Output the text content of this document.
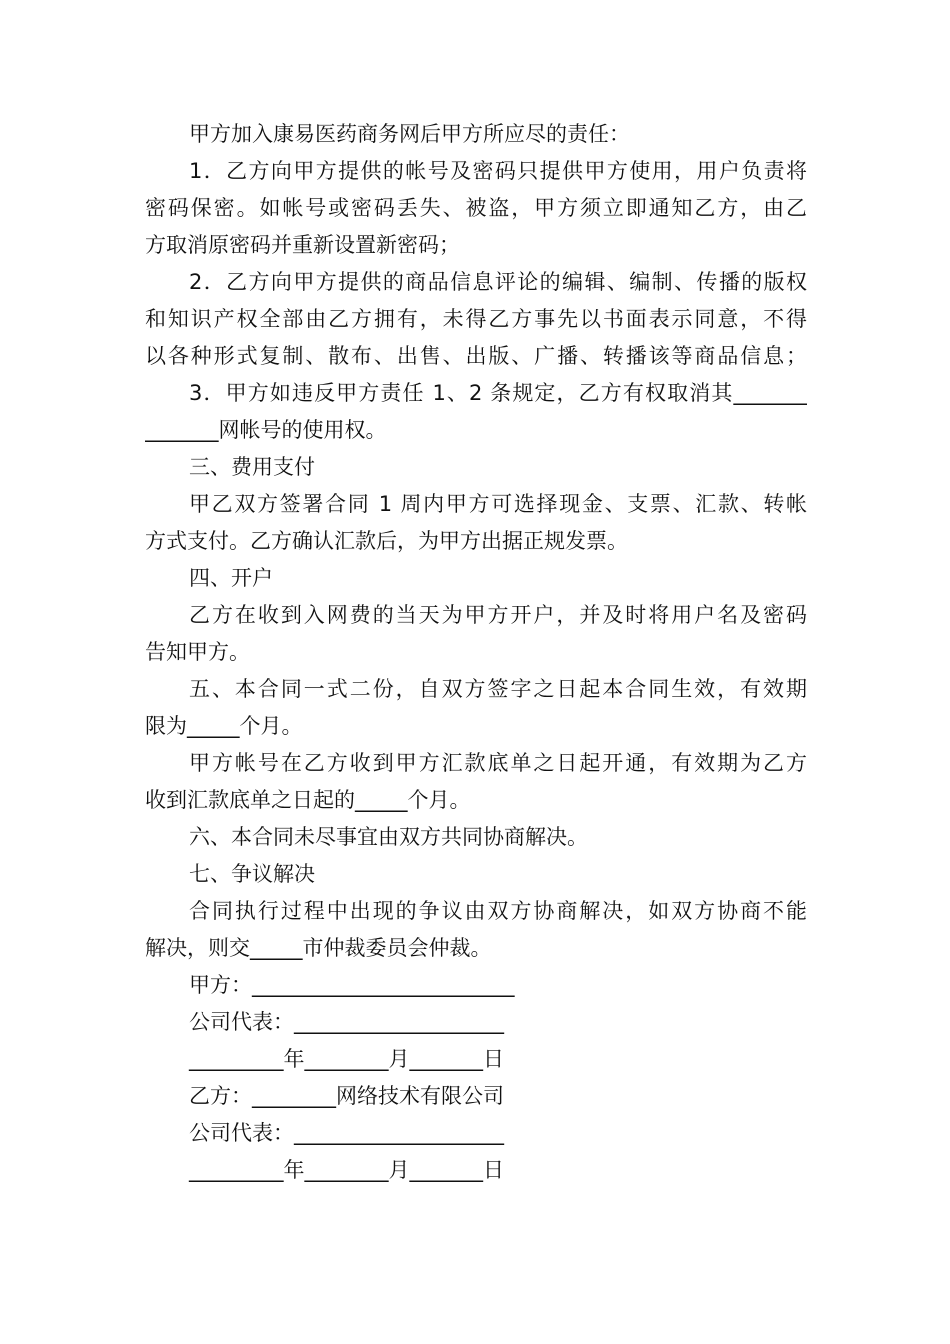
甲方加入康易医药商务网后甲方所应尽的责任：
1．乙方向甲方提供的帐号及密码只提供甲方使用，用户负责将
密码保密。如帐号或密码丢失、被盗，甲方须立即通知乙方，由乙
方取消原密码并重新设置新密码；
2．乙方向甲方提供的商品信息评论的编辑、编制、传播的版权
和知识产权全部由乙方拥有，未得乙方事先以书面表示同意，不得
以各种形式复制、散布、出售、出版、广播、转播该等商品信息；
3．甲方如违反甲方责任 1、2 条规定，乙方有权取消其_______
_______网帐号的使用权。
三、费用支付
甲乙双方签署合同 1 周内甲方可选择现金、支票、汇款、转帐
方式支付。乙方确认汇款后，为甲方出据正规发票。
四、开户
乙方在收到入网费的当天为甲方开户，并及时将用户名及密码
告知甲方。
五、本合同一式二份，自双方签字之日起本合同生效，有效期
限为_____个月。
甲方帐号在乙方收到甲方汇款底单之日起开通，有效期为乙方
收到汇款底单之日起的_____个月。
六、本合同未尽事宜由双方共同协商解决。
七、争议解决
合同执行过程中出现的争议由双方协商解决，如双方协商不能
解决，则交_____市仲裁委员会仲裁。
甲方：_________________________
公司代表：____________________
_________年________月_______日
乙方：________网络技术有限公司
公司代表：____________________
_________年________月_______日
